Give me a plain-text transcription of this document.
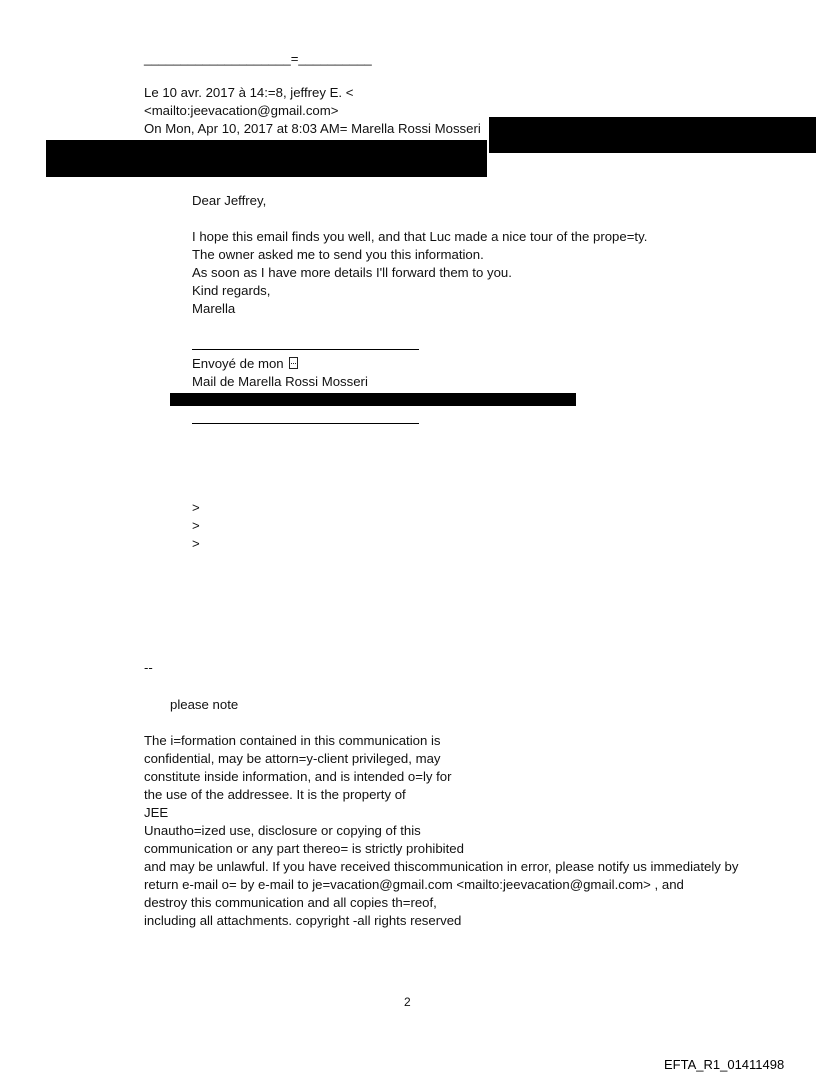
____________________=__________
Le 10 avr. 2017 à 14:=8, jeffrey E. <
<mailto:jeevacation@gmail.com>
On Mon, Apr 10, 2017 at 8:03 AM= Marella Rossi Mosseri
Dear Jeffrey,
I hope this email finds you well, and that Luc made a nice tour of the prope=ty.
The owner asked me to send you this information.
As soon as I have more details I'll forward them to you.
Kind regards,
Marella
Envoyé de mon
Mail de Marella Rossi Mosseri
>
>
>
--
please note
The i=formation contained in this communication is
confidential, may be attorn=y-client privileged, may
constitute inside information, and is intended o=ly for
the use of the addressee. It is the property of
JEE
Unautho=ized use, disclosure or copying of this
communication or any part thereo= is strictly prohibited
and may be unlawful. If you have received thiscommunication in error, please notify us immediately by
return e-mail o= by e-mail to je=vacation@gmail.com <mailto:jeevacation@gmail.com> , and
destroy this communication and all copies th=reof,
including all attachments. copyright -all rights reserved
2
EFTA_R1_01411498
